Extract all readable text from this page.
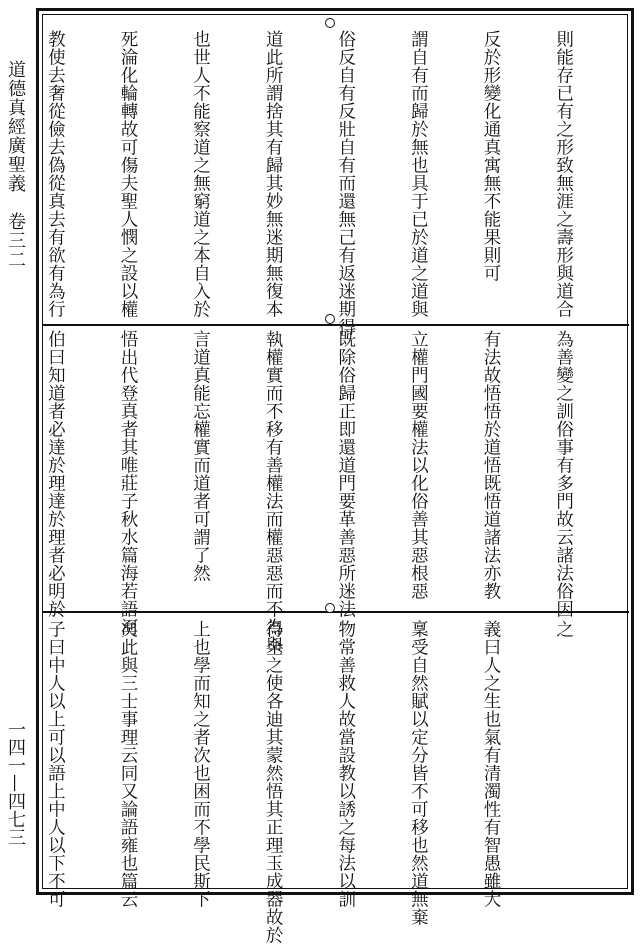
道德真經廣聖義　卷三二
一四一—四七三

則能存已有之形致無涯之壽形與道合

反於形變化通真寓無不能果則可

謂自有而歸於無也具于已於道之道與

俗反自有反壯自有而還無己有返迷期得

道此所謂捨其有歸其妙無迷期無復本

也世人不能察道之無窮道之本自入於

死淪化輪轉故可傷夫聖人憫之設以權

教使去奢從儉去偽從真去有欲有為行

為善變之訓俗事有多門故云諸法俗因

有法故悟悟於道悟既悟道諸法亦教

立權門國要權法以化俗善其惡根惡

既除俗歸正即還道門要革善惡所迷法

執權實而不移有善權法而權惡惡而不為與

言道真能忘權實而道者可謂了然

悟出代登真者其唯莊子秋水篇海若語河

伯曰知道者必達於理達於理者必明於

之

義曰人之生也氣有清濁性有智愚雖大

稟受自然賦以定分皆不可移也然道無棄

物常善救人故當設教以誘之每法以訓

得全之使各迪其蒙然悟其正理玉成器故於

上也學而知之者次也困而不學民斯下

矣此與三士事理云同又論語雍也篇云

子曰中人以上可以語上中人以下不可
